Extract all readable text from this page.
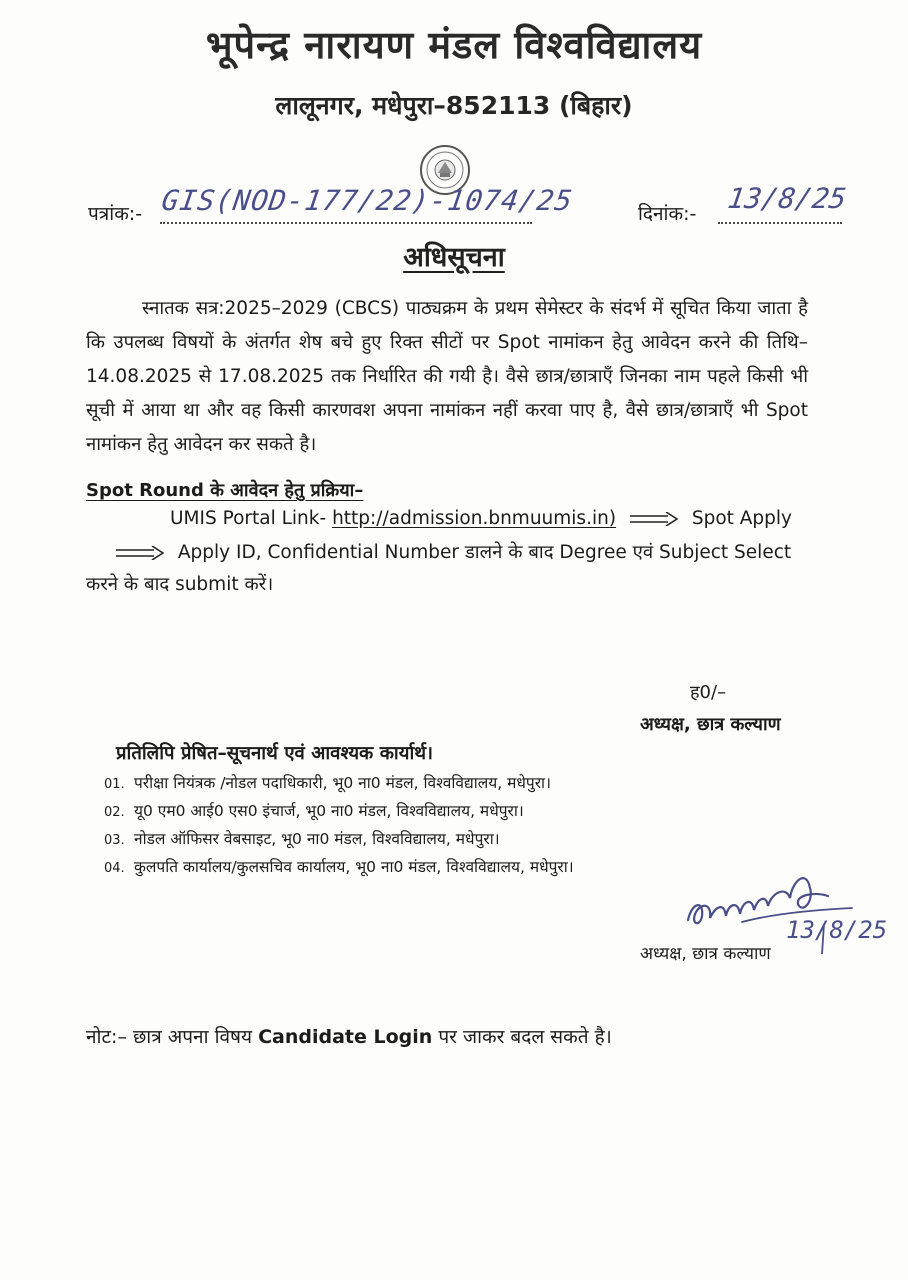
भूपेन्द्र नारायण मंडल विश्वविद्यालय
लालूनगर, मधेपुरा–852113 (बिहार)
पत्रांक:- GIS(NOD-177/22)-1074/25	दिनांक:- 13/8/25
अधिसूचना
स्नातक सत्र:2025–2029 (CBCS) पाठ्यक्रम के प्रथम सेमेस्टर के संदर्भ में सूचित किया जाता है कि उपलब्ध विषयों के अंतर्गत शेष बचे हुए रिक्त सीटों पर Spot नामांकन हेतु आवेदन करने की तिथि–14.08.2025 से 17.08.2025 तक निर्धारित की गयी है। वैसे छात्र/छात्राएँ जिनका नाम पहले किसी भी सूची में आया था और वह किसी कारणवश अपना नामांकन नहीं करवा पाए है, वैसे छात्र/छात्राएँ भी Spot नामांकन हेतु आवेदन कर सकते है।
Spot Round के आवेदन हेतु प्रक्रिया–
UMIS Portal Link- http://admission.bnmuumis.in)	Spot Apply
Apply ID, Confidential Number डालने के बाद Degree एवं Subject Select
करने के बाद submit करें।
ह0/–
अध्यक्ष, छात्र कल्याण
प्रतिलिपि प्रेषित–सूचनार्थ एवं आवश्यक कार्यार्थ।
01. परीक्षा नियंत्रक /नोडल पदाधिकारी, भू0 ना0 मंडल, विश्वविद्यालय, मधेपुरा।
02. यू0 एम0 आई0 एस0 इंचार्ज, भू0 ना0 मंडल, विश्वविद्यालय, मधेपुरा।
03. नोडल ऑफिसर वेबसाइट, भू0 ना0 मंडल, विश्वविद्यालय, मधेपुरा।
04. कुलपति कार्यालय/कुलसचिव कार्यालय, भू0 ना0 मंडल, विश्वविद्यालय, मधेपुरा।
13/8/25
अध्यक्ष, छात्र कल्याण
नोट:– छात्र अपना विषय Candidate Login पर जाकर बदल सकते है।
